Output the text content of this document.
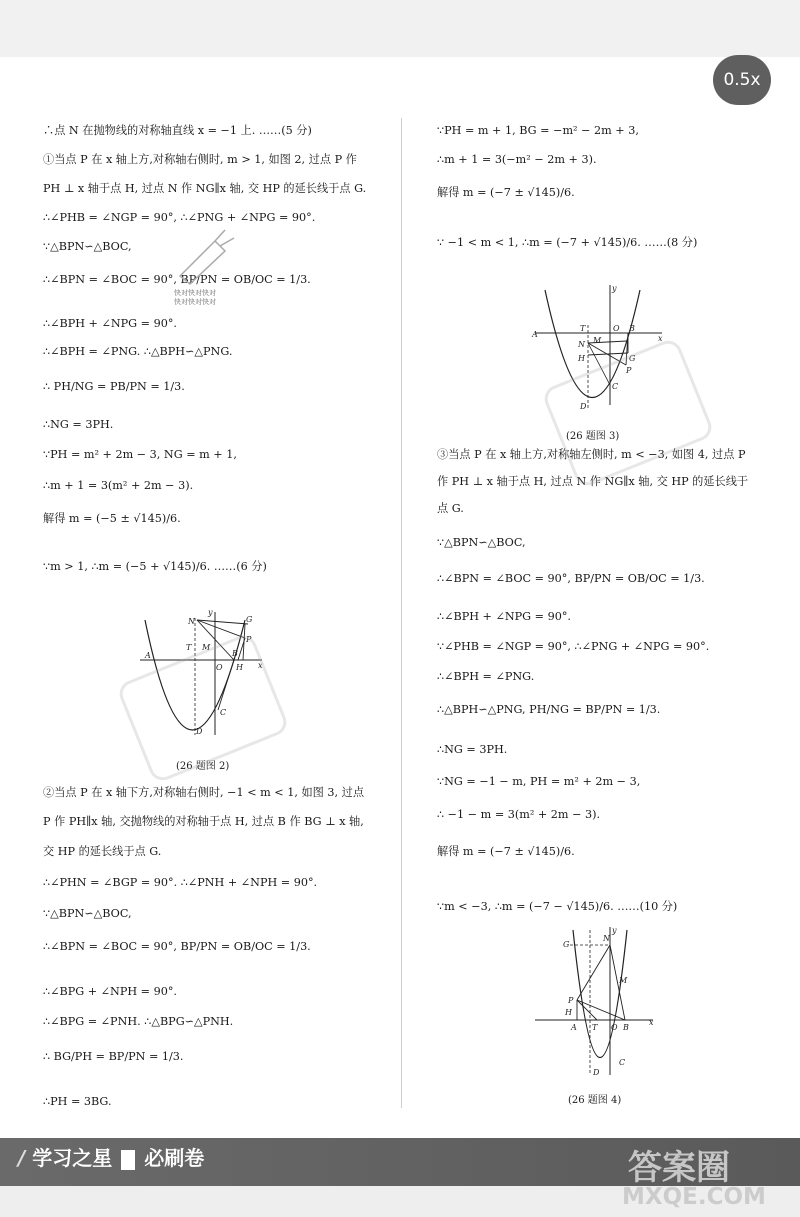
0.5x
∴点 N 在抛物线的对称轴直线 x = −1 上. ……(5 分)
①当点 P 在 x 轴上方,对称轴右侧时, m > 1, 如图 2, 过点 P 作
PH ⊥ x 轴于点 H, 过点 N 作 NG∥x 轴, 交 HP 的延长线于点 G.
∴∠PHB = ∠NGP = 90°, ∴∠PNG + ∠NPG = 90°.
∵△BPN∽△BOC,
∴∠BPN = ∠BOC = 90°, BP/PN = OB/OC = 1/3.
∴∠BPH + ∠NPG = 90°.
∴∠BPH = ∠PNG. ∴△BPH∽△PNG.
∴ PH/NG = PB/PN = 1/3.
∴NG = 3PH.
∵PH = m² + 2m − 3, NG = m + 1,
∴m + 1 = 3(m² + 2m − 3).
解得 m = (−5 ± √145)/6.
∵m > 1, ∴m = (−5 + √145)/6. ……(6 分)
②当点 P 在 x 轴下方,对称轴右侧时, −1 < m < 1, 如图 3, 过点
P 作 PH∥x 轴, 交抛物线的对称轴于点 H, 过点 B 作 BG ⊥ x 轴,
交 HP 的延长线于点 G.
∴∠PHN = ∠BGP = 90°. ∴∠PNH + ∠NPH = 90°.
∵△BPN∽△BOC,
∴∠BPN = ∠BOC = 90°, BP/PN = OB/OC = 1/3.
∴∠BPG + ∠NPH = 90°.
∴∠BPG = ∠PNH. ∴△BPG∽△PNH.
∴ BG/PH = BP/PN = 1/3.
∴PH = 3BG.
∵PH = m + 1, BG = −m² − 2m + 3,
∴m + 1 = 3(−m² − 2m + 3).
解得 m = (−7 ± √145)/6.
∵ −1 < m < 1, ∴m = (−7 + √145)/6. ……(8 分)
③当点 P 在 x 轴上方,对称轴左侧时, m < −3, 如图 4, 过点 P
作 PH ⊥ x 轴于点 H, 过点 N 作 NG∥x 轴, 交 HP 的延长线于
点 G.
∵△BPN∽△BOC,
∴∠BPN = ∠BOC = 90°, BP/PN = OB/OC = 1/3.
∴∠BPH + ∠NPG = 90°.
∵∠PHB = ∠NGP = 90°, ∴∠PNG + ∠NPG = 90°.
∴∠BPH = ∠PNG.
∴△BPH∽△PNG, PH/NG = BP/PN = 1/3.
∴NG = 3PH.
∵NG = −1 − m, PH = m² + 2m − 3,
∴ −1 − m = 3(m² + 2m − 3).
解得 m = (−7 ± √145)/6.
∵m < −3, ∴m = (−7 − √145)/6. ……(10 分)
快对快对快对
快对快对快对
y
N	G
P
M
T
A
O
B
H x
C
D
(26 题图 2)
y
A
T	O B
x
N M
H
P
G
C
D
(26 题图 3)
y
G
N
M
P
H
A T O B
x
C
D
(26 题图 4)
/ 学习之星 必刷卷	答案圈
MXQE.COM
